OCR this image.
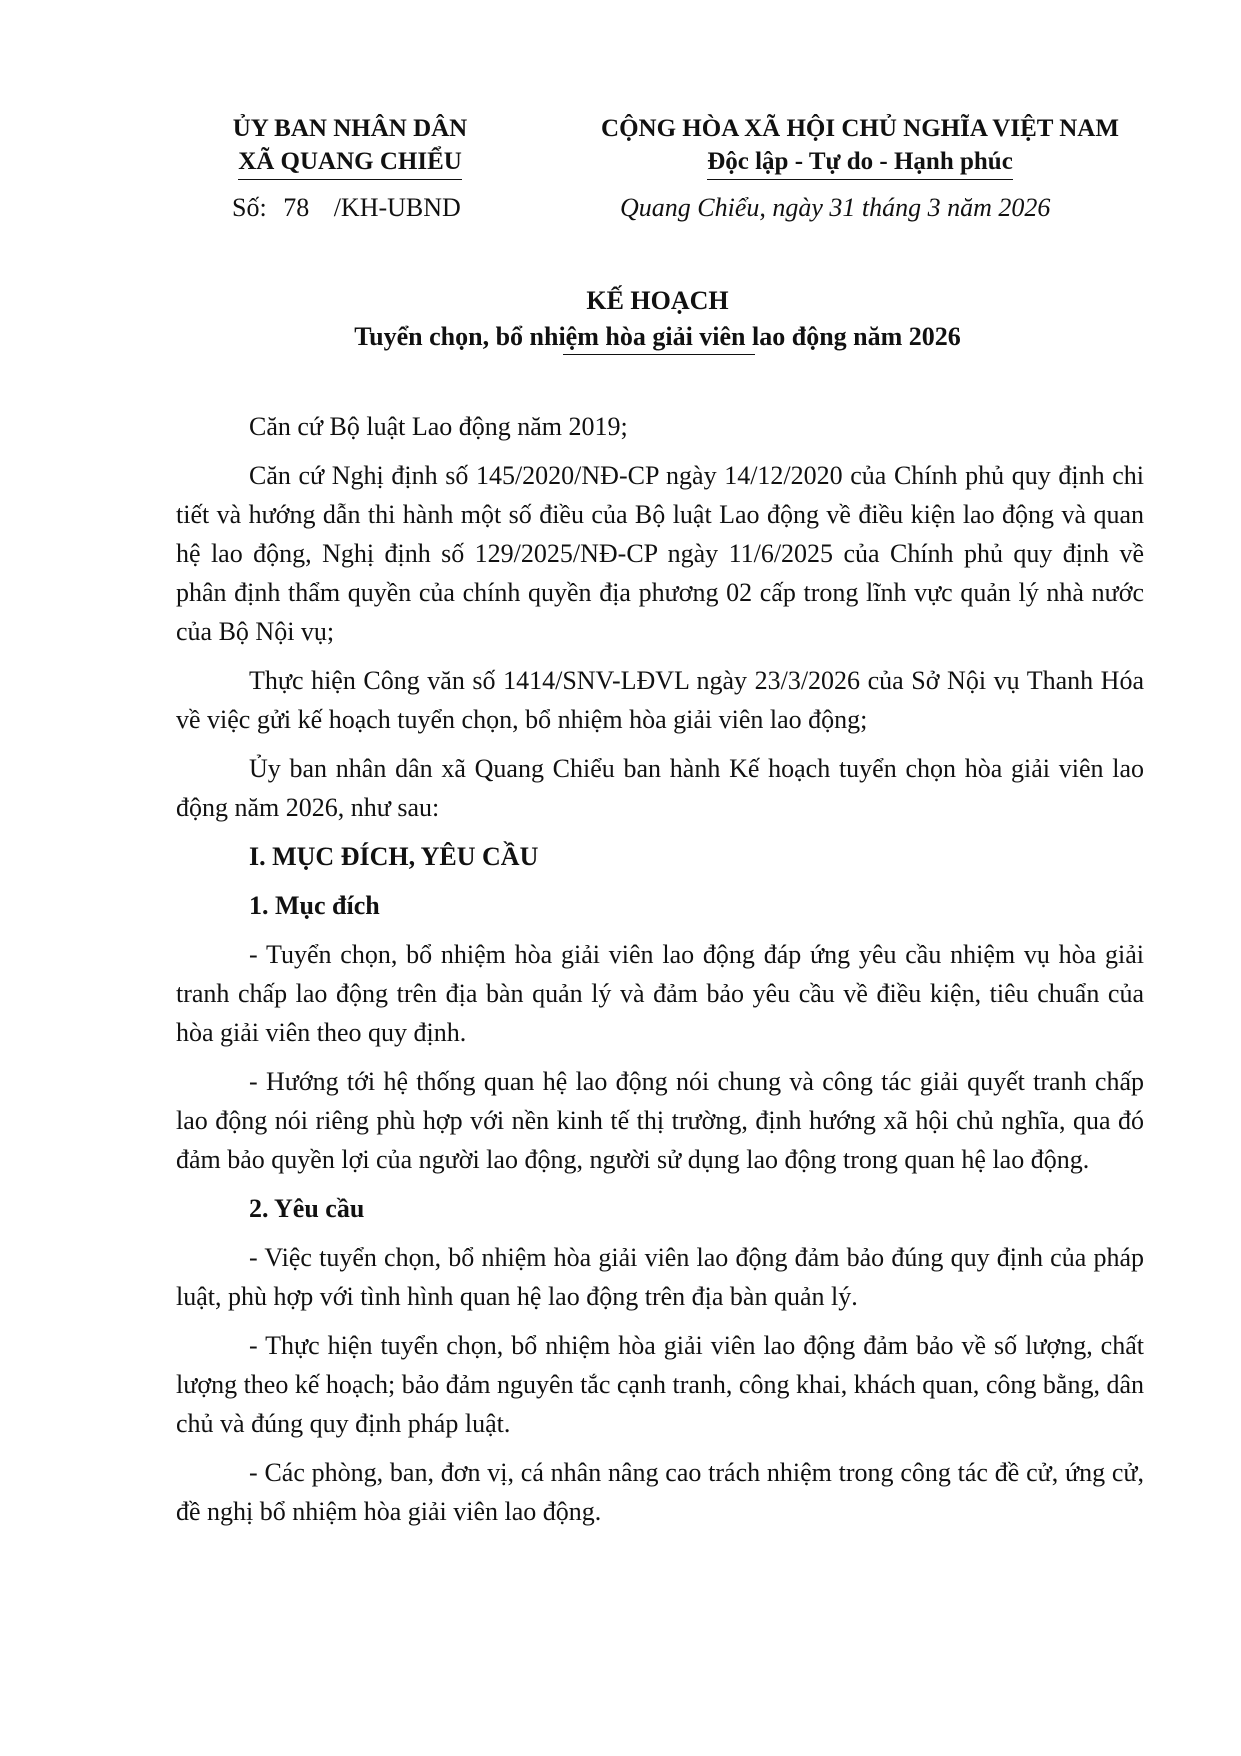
ỦY BAN NHÂN DÂN
XÃ QUANG CHIỂU
Số: 78 /KH-UBND
CỘNG HÒA XÃ HỘI CHỦ NGHĨA VIỆT NAM
Độc lập - Tự do - Hạnh phúc
Quang Chiểu, ngày 31 tháng 3 năm 2026
KẾ HOẠCH
Tuyển chọn, bổ nhiệm hòa giải viên lao động năm 2026

Căn cứ Bộ luật Lao động năm 2019;

Căn cứ Nghị định số 145/2020/NĐ-CP ngày 14/12/2020 của Chính phủ quy định chi tiết và hướng dẫn thi hành một số điều của Bộ luật Lao động về điều kiện lao động và quan hệ lao động, Nghị định số 129/2025/NĐ-CP ngày 11/6/2025 của Chính phủ quy định về phân định thẩm quyền của chính quyền địa phương 02 cấp trong lĩnh vực quản lý nhà nước của Bộ Nội vụ;

Thực hiện Công văn số 1414/SNV-LĐVL ngày 23/3/2026 của Sở Nội vụ Thanh Hóa về việc gửi kế hoạch tuyển chọn, bổ nhiệm hòa giải viên lao động;

Ủy ban nhân dân xã Quang Chiểu ban hành Kế hoạch tuyển chọn hòa giải viên lao động năm 2026, như sau:

I. MỤC ĐÍCH, YÊU CẦU

1. Mục đích

- Tuyển chọn, bổ nhiệm hòa giải viên lao động đáp ứng yêu cầu nhiệm vụ hòa giải tranh chấp lao động trên địa bàn quản lý và đảm bảo yêu cầu về điều kiện, tiêu chuẩn của hòa giải viên theo quy định.

- Hướng tới hệ thống quan hệ lao động nói chung và công tác giải quyết tranh chấp lao động nói riêng phù hợp với nền kinh tế thị trường, định hướng xã hội chủ nghĩa, qua đó đảm bảo quyền lợi của người lao động, người sử dụng lao động trong quan hệ lao động.

2. Yêu cầu

- Việc tuyển chọn, bổ nhiệm hòa giải viên lao động đảm bảo đúng quy định của pháp luật, phù hợp với tình hình quan hệ lao động trên địa bàn quản lý.

- Thực hiện tuyển chọn, bổ nhiệm hòa giải viên lao động đảm bảo về số lượng, chất lượng theo kế hoạch; bảo đảm nguyên tắc cạnh tranh, công khai, khách quan, công bằng, dân chủ và đúng quy định pháp luật.

- Các phòng, ban, đơn vị, cá nhân nâng cao trách nhiệm trong công tác đề cử, ứng cử, đề nghị bổ nhiệm hòa giải viên lao động.
